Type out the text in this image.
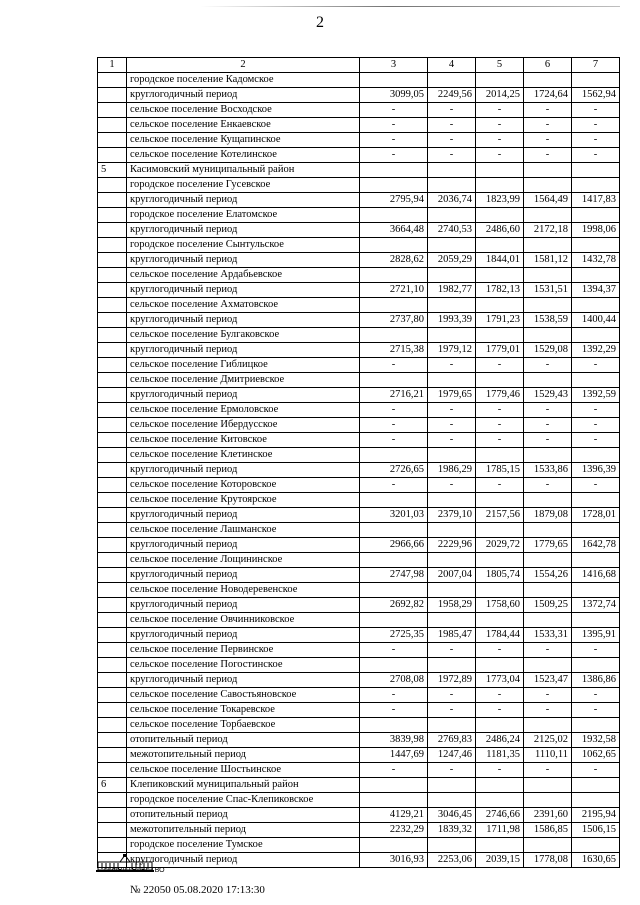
2
1	2	3	4	5	6	7
	городское поселение Кадомское					
	круглогодичный период	3099,05	2249,56	2014,25	1724,64	1562,94
	сельское поселение Восходское	-	-	-	-	-
	сельское поселение Енкаевское	-	-	-	-	-
	сельское поселение Кущапинское	-	-	-	-	-
	сельское поселение Котелинское	-	-	-	-	-
5	Касимовский муниципальный район					
	городское поселение Гусевское					
	круглогодичный период	2795,94	2036,74	1823,99	1564,49	1417,83
	городское поселение Елатомское					
	круглогодичный период	3664,48	2740,53	2486,60	2172,18	1998,06
	городское поселение Сынтульское					
	круглогодичный период	2828,62	2059,29	1844,01	1581,12	1432,78
	сельское поселение Ардабьевское					
	круглогодичный период	2721,10	1982,77	1782,13	1531,51	1394,37
	сельское поселение Ахматовское					
	круглогодичный период	2737,80	1993,39	1791,23	1538,59	1400,44
	сельское поселение Булгаковское					
	круглогодичный период	2715,38	1979,12	1779,01	1529,08	1392,29
	сельское поселение Гиблицкое	-	-	-	-	-
	сельское поселение Дмитриевское					
	круглогодичный период	2716,21	1979,65	1779,46	1529,43	1392,59
	сельское поселение Ермоловское	-	-	-	-	-
	сельское поселение Ибердусское	-	-	-	-	-
	сельское поселение Китовское	-	-	-	-	-
	сельское поселение Клетинское					
	круглогодичный период	2726,65	1986,29	1785,15	1533,86	1396,39
	сельское поселение Которовское	-	-	-	-	-
	сельское поселение Крутоярское					
	круглогодичный период	3201,03	2379,10	2157,56	1879,08	1728,01
	сельское поселение Лашманское					
	круглогодичный период	2966,66	2229,96	2029,72	1779,65	1642,78
	сельское поселение Лощининское					
	круглогодичный период	2747,98	2007,04	1805,74	1554,26	1416,68
	сельское поселение Новодеревенское					
	круглогодичный период	2692,82	1958,29	1758,60	1509,25	1372,74
	сельское поселение Овчинниковское					
	круглогодичный период	2725,35	1985,47	1784,44	1533,31	1395,91
	сельское поселение Первинское	-	-	-	-	-
	сельское поселение Погостинское					
	круглогодичный период	2708,08	1972,89	1773,04	1523,47	1386,86
	сельское поселение Савостьяновское	-	-	-	-	-
	сельское поселение Токаревское	-	-	-	-	-
	сельское поселение Торбаевское					
	отопительный период	3839,98	2769,83	2486,24	2125,02	1932,58
	межотопительный период	1447,69	1247,46	1181,35	1110,11	1062,65
	сельское поселение Шостьинское	-	-	-	-	-
6	Клепиковский муниципальный район					
	городское поселение Спас-Клепиковское					
	отопительный период	4129,21	3046,45	2746,66	2391,60	2195,94
	межотопительный период	2232,29	1839,32	1711,98	1586,85	1506,15
	городское поселение Тумское					
	круглогодичный период	3016,93	2253,06	2039,15	1778,08	1630,65
ПРАВИТЕЛЬСТВО
№ 22050 05.08.2020 17:13:30
